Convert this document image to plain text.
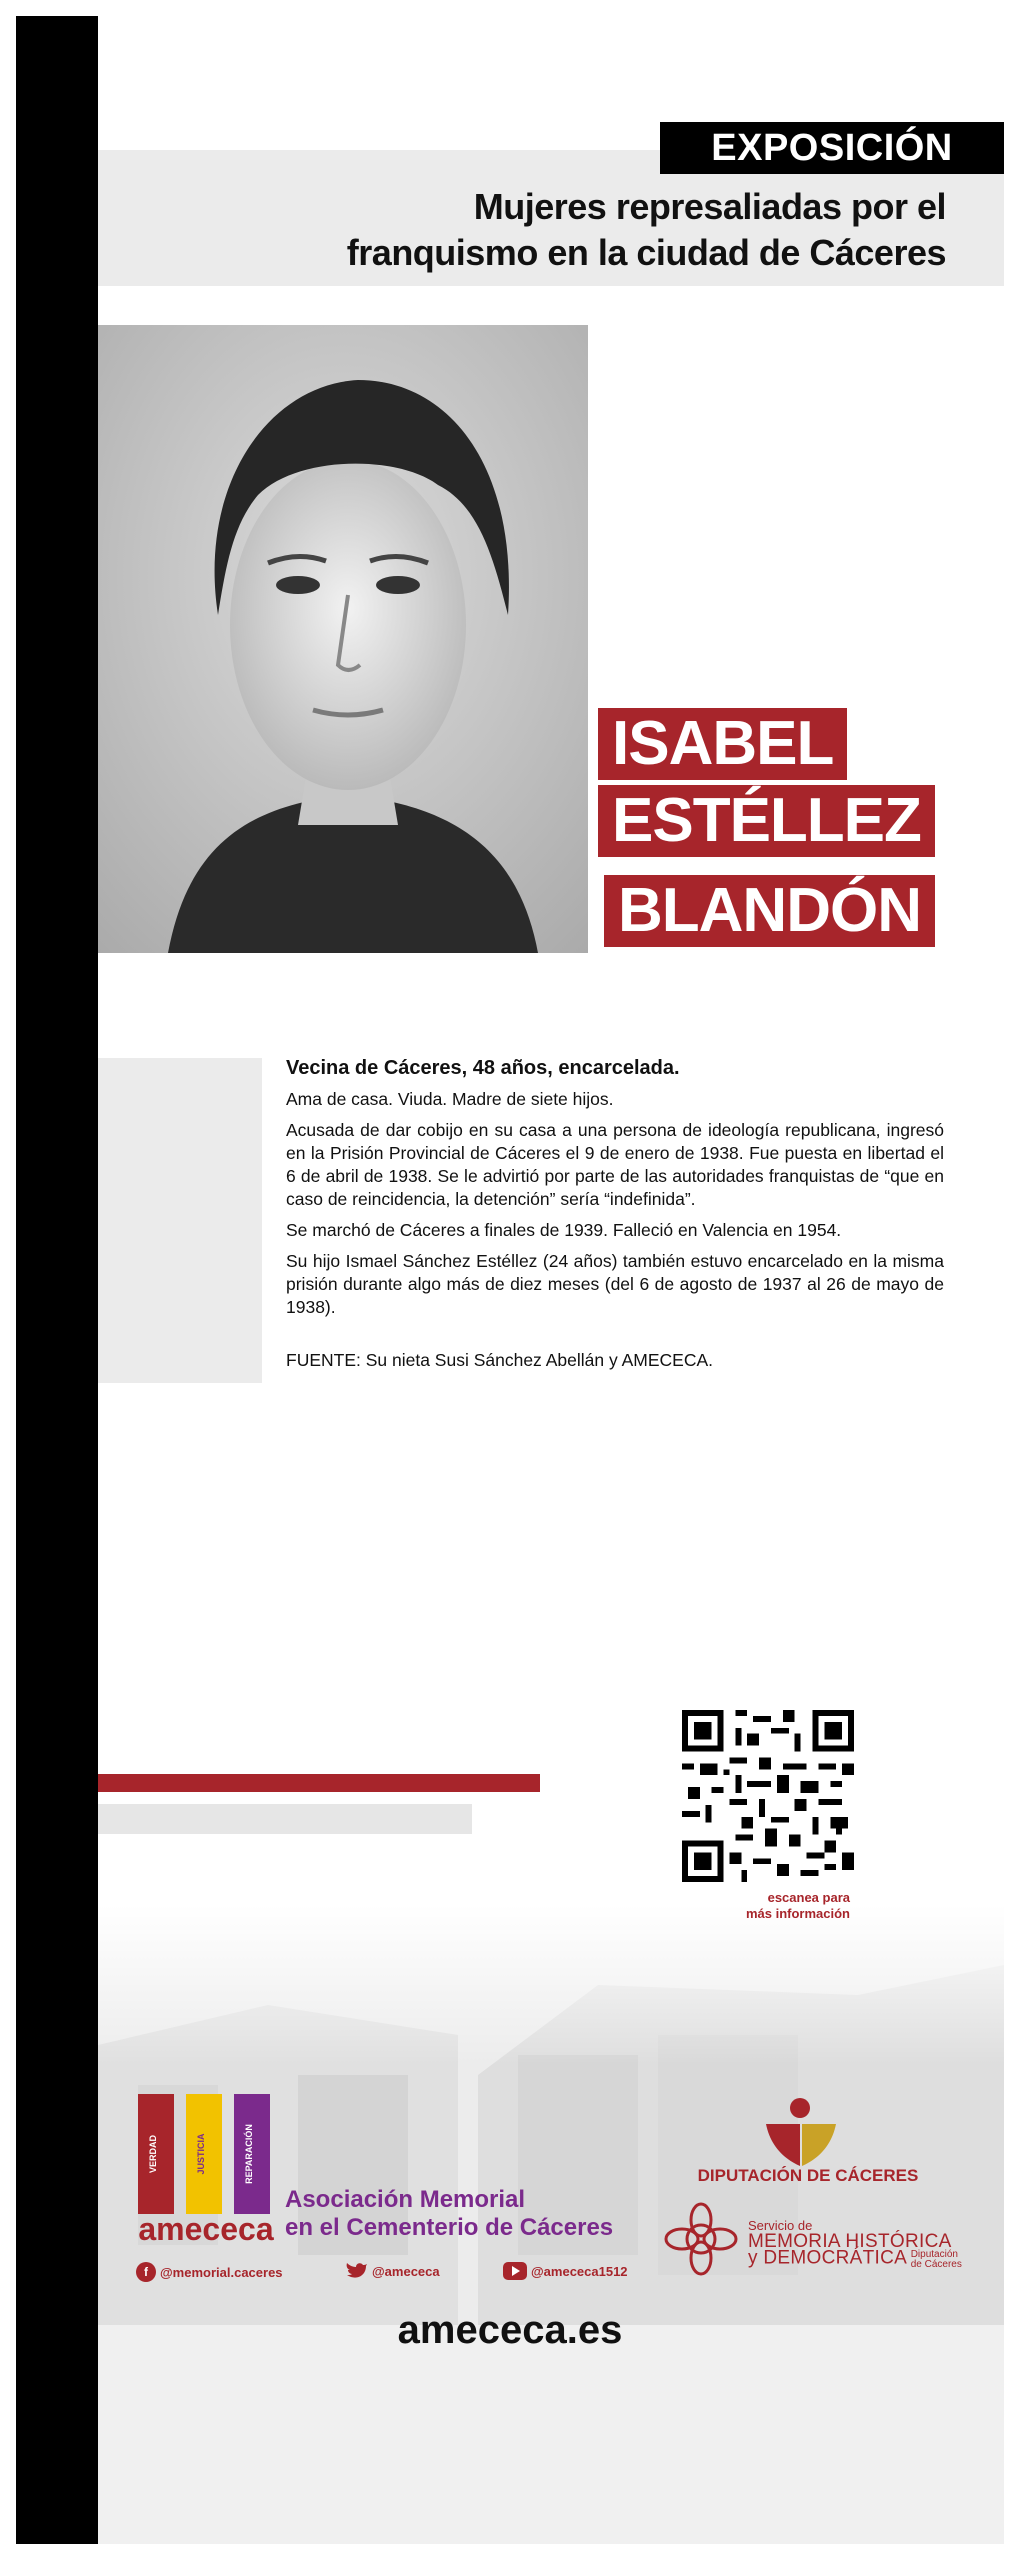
EXPOSICIÓN
Mujeres represaliadas por el
franquismo en la ciudad de Cáceres
ISABEL
ESTÉLLEZ
BLANDÓN
Vecina de Cáceres, 48 años, encarcelada.

Ama de casa. Viuda. Madre de siete hijos.

Acusada de dar cobijo en su casa a una persona de ideología republicana, ingresó en la Prisión Provincial de Cáceres el 9 de enero de 1938. Fue puesta en libertad el 6 de abril de 1938. Se le advirtió por parte de las autoridades franquistas de “que en caso de reincidencia, la detención” sería “indefinida”.

Se marchó de Cáceres a finales de 1939. Falleció en Valencia en 1954.

Su hijo Ismael Sánchez Estéllez (24 años) también estuvo encarcelado en la misma prisión durante algo más de diez meses (del 6 de agosto de 1937 al 26 de mayo de 1938).

FUENTE: Su nieta Susi Sánchez Abellán y AMECECA.

escanea para
más información
VERDAD	JUSTICIA	REPARACIÓN
amececa
Asociación Memorial
en el Cementerio de Cáceres
f @memorial.caceres	@amececa	@amececa1512
DIPUTACIÓN DE CÁCERES
Servicio de
MEMORIA HISTÓRICA
y DEMOCRÁTICA Diputación
de Cáceres
amececa.es
